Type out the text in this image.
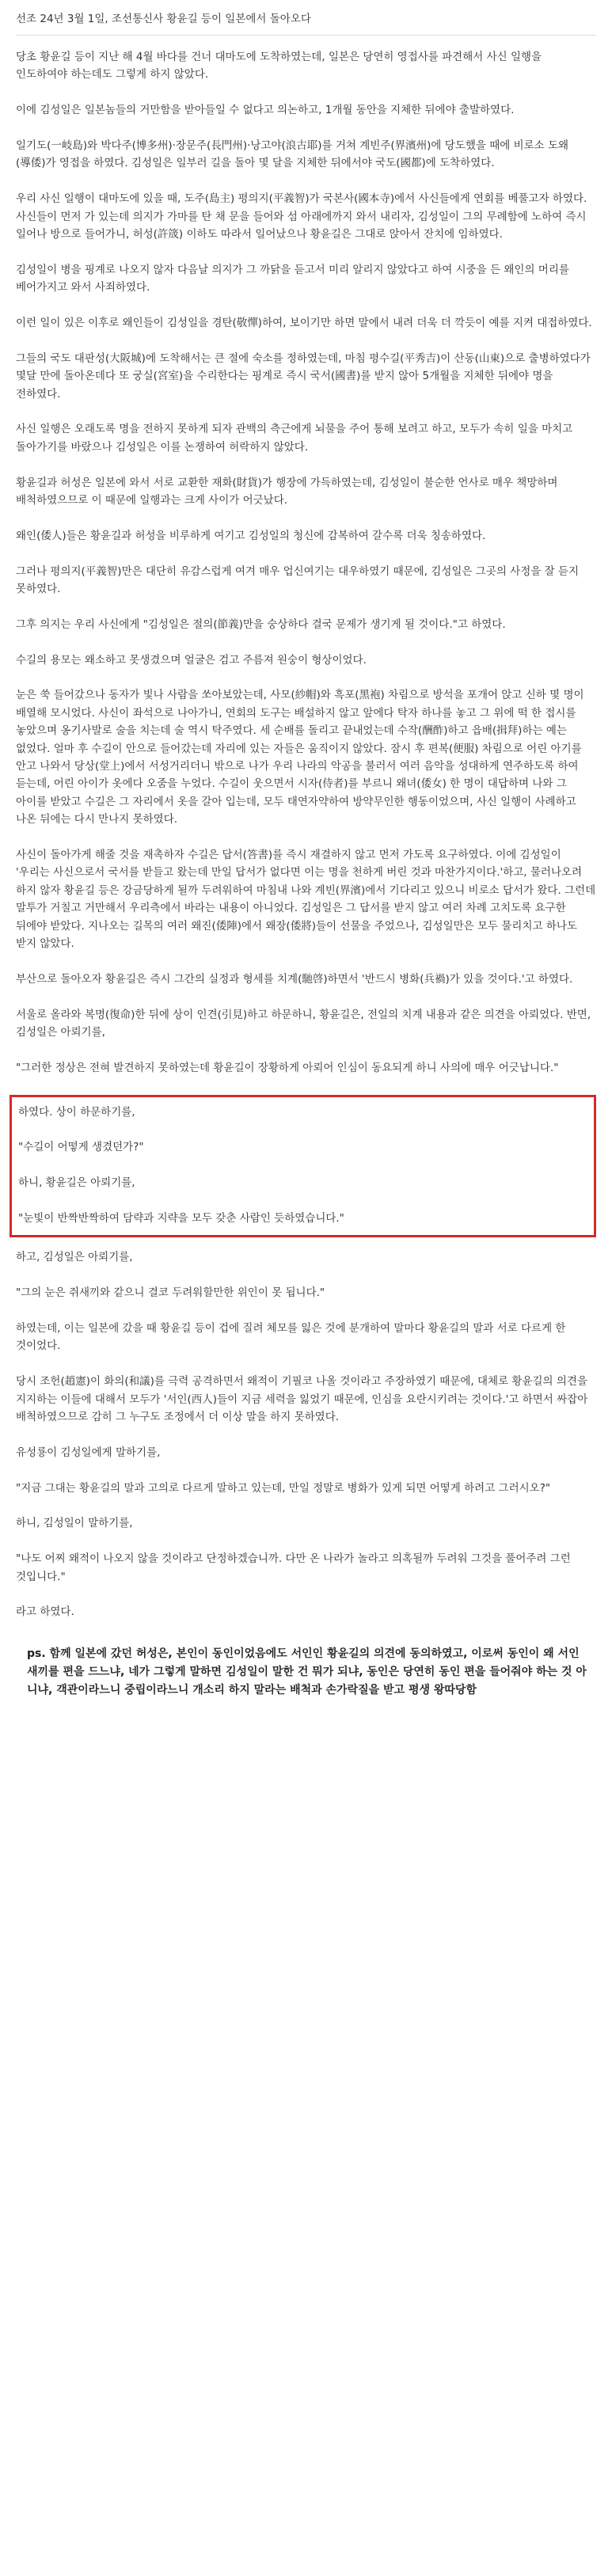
선조 24년 3월 1일, 조선통신사 황윤길 등이 일본에서 돌아오다

당초 황윤길 등이 지난 해 4월 바다를 건너 대마도에 도착하였는데, 일본은 당연히 영접사를 파견해서 사신 일행을 인도하여야 하는데도 그렇게 하지 않았다.

이에 김성일은 일본놈들의 거만함을 받아들일 수 없다고 의논하고, 1개월 동안을 지체한 뒤에야 출발하였다.

일기도(一岐島)와 박다주(博多州)·장문주(長門州)·낭고야(浪古耶)를 거쳐 계빈주(界濱州)에 당도했을 때에 비로소 도왜(導倭)가 영접을 하였다. 김성일은 일부러 길을 돌아 몇 달을 지체한 뒤에서야 국도(國都)에 도착하였다.

우리 사신 일행이 대마도에 있을 때, 도주(島主) 평의지(平義智)가 국본사(國本寺)에서 사신들에게 연회를 베풀고자 하였다. 사신들이 먼저 가 있는데 의지가 가마를 탄 채 문을 들어와 섬 아래에까지 와서 내리자, 김성일이 그의 무례함에 노하여 즉시 일어나 방으로 들어가니, 허성(許筬) 이하도 따라서 일어났으나 황윤길은 그대로 앉아서 잔치에 임하였다.

김성일이 병을 핑계로 나오지 않자 다음날 의지가 그 까닭을 듣고서 미리 알리지 않았다고 하여 시중을 든 왜인의 머리를 베어가지고 와서 사죄하였다.

이런 일이 있은 이후로 왜인들이 김성일을 경탄(敬憚)하여, 보이기만 하면 말에서 내려 더욱 더 깍듯이 예를 지켜 대접하였다.

그들의 국도 대판성(大阪城)에 도착해서는 큰 절에 숙소를 정하였는데, 마침 평수길(平秀吉)이 산동(山東)으로 출병하였다가 몇달 만에 돌아온데다 또 궁실(宮室)을 수리한다는 핑계로 즉시 국서(國書)를 받지 않아 5개월을 지체한 뒤에야 명을 전하였다.

사신 일행은 오래도록 명을 전하지 못하게 되자 관백의 측근에게 뇌물을 주어 통해 보려고 하고, 모두가 속히 일을 마치고 돌아가기를 바랐으나 김성일은 이를 논쟁하여 허락하지 않았다.

황윤길과 허성은 일본에 와서 서로 교환한 재화(財貨)가 행장에 가득하였는데, 김성일이 불순한 언사로 매우 책망하며 배척하였으므로 이 때문에 일행과는 크게 사이가 어긋났다.

왜인(倭人)들은 황윤길과 허성을 비루하게 여기고 김성일의 청신에 감복하여 갈수록 더욱 칭송하였다.

그러나 평의지(平義智)만은 대단히 유감스럽게 여겨 매우 업신여기는 대우하였기 때문에, 김성일은 그곳의 사정을 잘 듣지 못하였다.

그후 의지는 우리 사신에게 "김성일은 절의(節義)만을 숭상하다 결국 문제가 생기게 될 것이다."고 하였다.

수길의 용모는 왜소하고 못생겼으며 얼굴은 검고 주름져 원숭이 형상이었다.

눈은 쑥 들어갔으나 동자가 빛나 사람을 쏘아보았는데, 사모(紗帽)와 흑포(黑袍) 차림으로 방석을 포개어 앉고 신하 몇 명이 배열해 모시었다. 사신이 좌석으로 나아가니, 연회의 도구는 배설하지 않고 앞에다 탁자 하나를 놓고 그 위에 떡 한 접시를 놓았으며 옹기사발로 술을 치는데 술 역시 탁주였다. 세 순배를 돌리고 끝내었는데 수작(酬酢)하고 읍배(揖拜)하는 예는 없었다. 얼마 후 수길이 안으로 들어갔는데 자리에 있는 자들은 움직이지 않았다. 잠시 후 편복(便服) 차림으로 어린 아기를 안고 나와서 당상(堂上)에서 서성거리더니 밖으로 나가 우리 나라의 악공을 불러서 여러 음악을 성대하게 연주하도록 하여 듣는데, 어린 아이가 옷에다 오줌을 누었다. 수길이 웃으면서 시자(侍者)를 부르니 왜녀(倭女) 한 명이 대답하며 나와 그 아이를 받았고 수길은 그 자리에서 옷을 갈아 입는데, 모두 태연자약하여 방약무인한 행동이었으며, 사신 일행이 사례하고 나온 뒤에는 다시 만나지 못하였다.

사신이 돌아가게 해줄 것을 재촉하자 수길은 답서(答書)를 즉시 재결하지 않고 먼저 가도록 요구하였다. 이에 김성일이 '우리는 사신으로서 국서를 받들고 왔는데 만일 답서가 없다면 이는 명을 천하게 버린 것과 마찬가지이다.'하고, 물러나오려 하지 않자 황윤길 등은 강금당하게 될까 두려워하여 마침내 나와 계빈(界濱)에서 기다리고 있으니 비로소 답서가 왔다. 그런데 말투가 거칠고 거만해서 우리측에서 바라는 내용이 아니었다. 김성일은 그 답서를 받지 않고 여러 차례 고치도록 요구한 뒤에야 받았다. 지나오는 길목의 여러 왜진(倭陣)에서 왜장(倭將)들이 선물을 주었으나, 김성일만은 모두 물리치고 하나도 받지 않았다.

부산으로 돌아오자 황윤길은 즉시 그간의 실정과 형세를 치계(馳啓)하면서 '반드시 병화(兵禍)가 있을 것이다.'고 하였다.

서울로 올라와 복명(復命)한 뒤에 상이 인견(引見)하고 하문하니, 황윤길은, 전일의 치계 내용과 같은 의견을 아뢰었다. 반면, 김성일은 아뢰기를,

"그러한 정상은 전혀 발견하지 못하였는데 황윤길이 장황하게 아뢰어 인심이 동요되게 하니 사의에 매우 어긋납니다."

하였다. 상이 하문하기를,

"수길이 어떻게 생겼던가?"

하니, 황윤길은 아뢰기를,

"눈빛이 반짝반짝하여 담략과 지략을 모두 갖춘 사람인 듯하였습니다."

하고, 김성일은 아뢰기를,

"그의 눈은 쥐새끼와 같으니 결코 두려워할만한 위인이 못 됩니다."

하였는데, 이는 일본에 갔을 때 황윤길 등이 겁에 질려 체모를 잃은 것에 분개하여 말마다 황윤길의 말과 서로 다르게 한 것이었다.

당시 조헌(趙憲)이 화의(和議)를 극력 공격하면서 왜적이 기필코 나올 것이라고 주장하였기 때문에, 대체로 황윤길의 의견을 지지하는 이들에 대해서 모두가 '서인(西人)들이 지금 세력을 잃었기 때문에, 인심을 요란시키려는 것이다.'고 하면서 싸잡아 배척하였으므로 감히 그 누구도 조정에서 더 이상 말을 하지 못하였다.

유성룡이 김성일에게 말하기를,

"지금 그대는 황윤길의 말과 고의로 다르게 말하고 있는데, 만일 정말로 병화가 있게 되면 어떻게 하려고 그러시오?"

하니, 김성일이 말하기를,

"나도 어찌 왜적이 나오지 않을 것이라고 단정하겠습니까. 다만 온 나라가 놀라고 의혹될까 두려워 그것을 풀어주려 그런 것입니다."

라고 하였다.

ps. 함께 일본에 갔던 허성은, 본인이 동인이었음에도 서인인 황윤길의 의견에 동의하였고, 이로써 동인이 왜 서인 새끼를 편을 드느냐, 네가 그렇게 말하면 김성일이 말한 건 뭐가 되냐, 동인은 당연히 동인 편을 들어줘야 하는 것 아니냐, 객관이라느니 중립이라느니 개소리 하지 말라는 배척과 손가락질을 받고 평생 왕따당함
